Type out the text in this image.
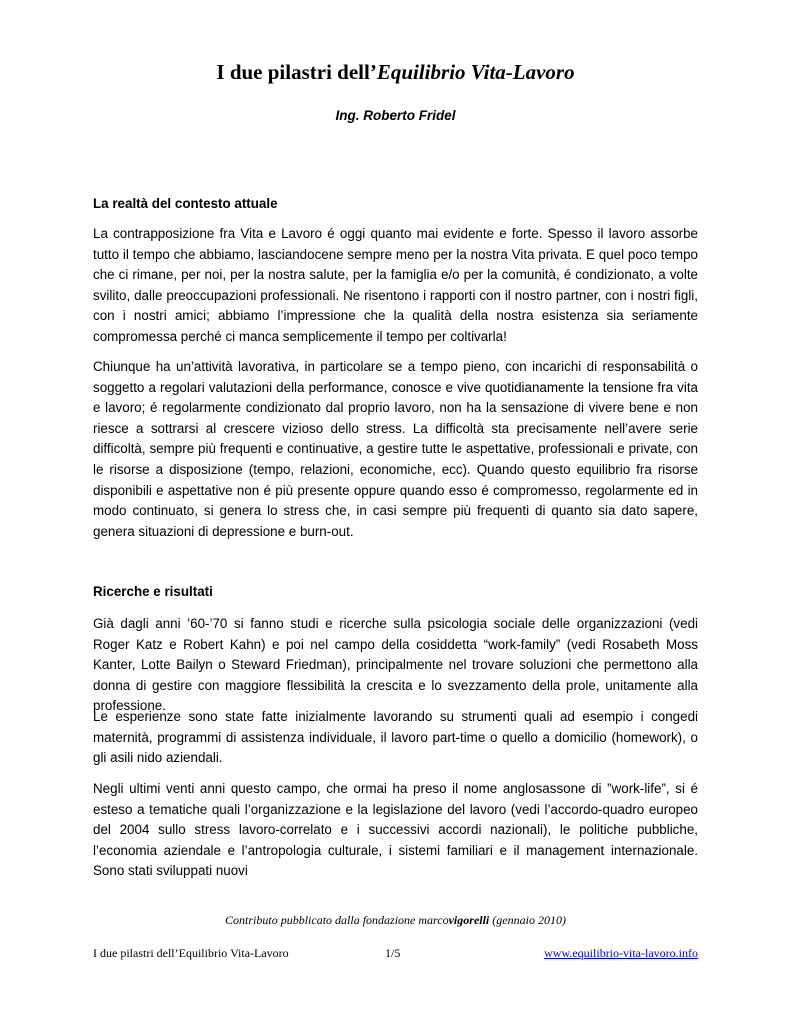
I due pilastri dell’Equilibrio Vita-Lavoro
Ing. Roberto Fridel
La realtà del contesto attuale

La contrapposizione fra Vita e Lavoro é oggi quanto mai evidente e forte. Spesso il lavoro assorbe tutto il tempo che abbiamo, lasciandocene sempre meno per la nostra Vita privata. E quel poco tempo che ci rimane, per noi, per la nostra salute, per la famiglia e/o per la comunità, é condizionato, a volte svilito, dalle preoccupazioni professionali. Ne risentono i rapporti con il nostro partner, con i nostri figli, con i nostri amici; abbiamo l’impressione che la qualità della nostra esistenza sia seriamente compromessa perché ci manca semplicemente il tempo per coltivarla!

Chiunque ha un’attività lavorativa, in particolare se a tempo pieno, con incarichi di responsabilità o soggetto a regolari valutazioni della performance, conosce e vive quotidianamente la tensione fra vita e lavoro; é regolarmente condizionato dal proprio lavoro, non ha la sensazione di vivere bene e non riesce a sottrarsi al crescere vizioso dello stress. La difficoltà sta precisamente nell’avere serie difficoltà, sempre più frequenti e continuative, a gestire tutte le aspettative, professionali e private, con le risorse a disposizione (tempo, relazioni, economiche, ecc). Quando questo equilibrio fra risorse disponibili e aspettative non é più presente oppure quando esso é compromesso, regolarmente ed in modo continuato, si genera lo stress che, in casi sempre più frequenti di quanto sia dato sapere, genera situazioni di depressione e burn-out.

Ricerche e risultati

Già dagli anni ’60-’70 si fanno studi e ricerche sulla psicologia sociale delle organizzazioni (vedi Roger Katz e Robert Kahn) e poi nel campo della cosiddetta “work-family” (vedi Rosabeth Moss Kanter, Lotte Bailyn o Steward Friedman), principalmente nel trovare soluzioni che permettono alla donna di gestire con maggiore flessibilità la crescita e lo svezzamento della prole, unitamente alla professione.

Le esperienze sono state fatte inizialmente lavorando su strumenti quali ad esempio i congedi maternità, programmi di assistenza individuale, il lavoro part-time o quello a domicilio (homework), o gli asili nido aziendali.

Negli ultimi venti anni questo campo, che ormai ha preso il nome anglosassone di ”work-life”, si é esteso a tematiche quali l’organizzazione e la legislazione del lavoro (vedi l’accordo-quadro europeo del 2004 sullo stress lavoro-correlato e i successivi accordi nazionali), le politiche pubbliche, l’economia aziendale e l’antropologia culturale, i sistemi familiari e il management internazionale. Sono stati sviluppati nuovi

Contributo pubblicato dalla fondazione marcovigorelli (gennaio 2010)
I due pilastri dell’Equilibrio Vita-Lavoro	1/5	www.equilibrio-vita-lavoro.info
